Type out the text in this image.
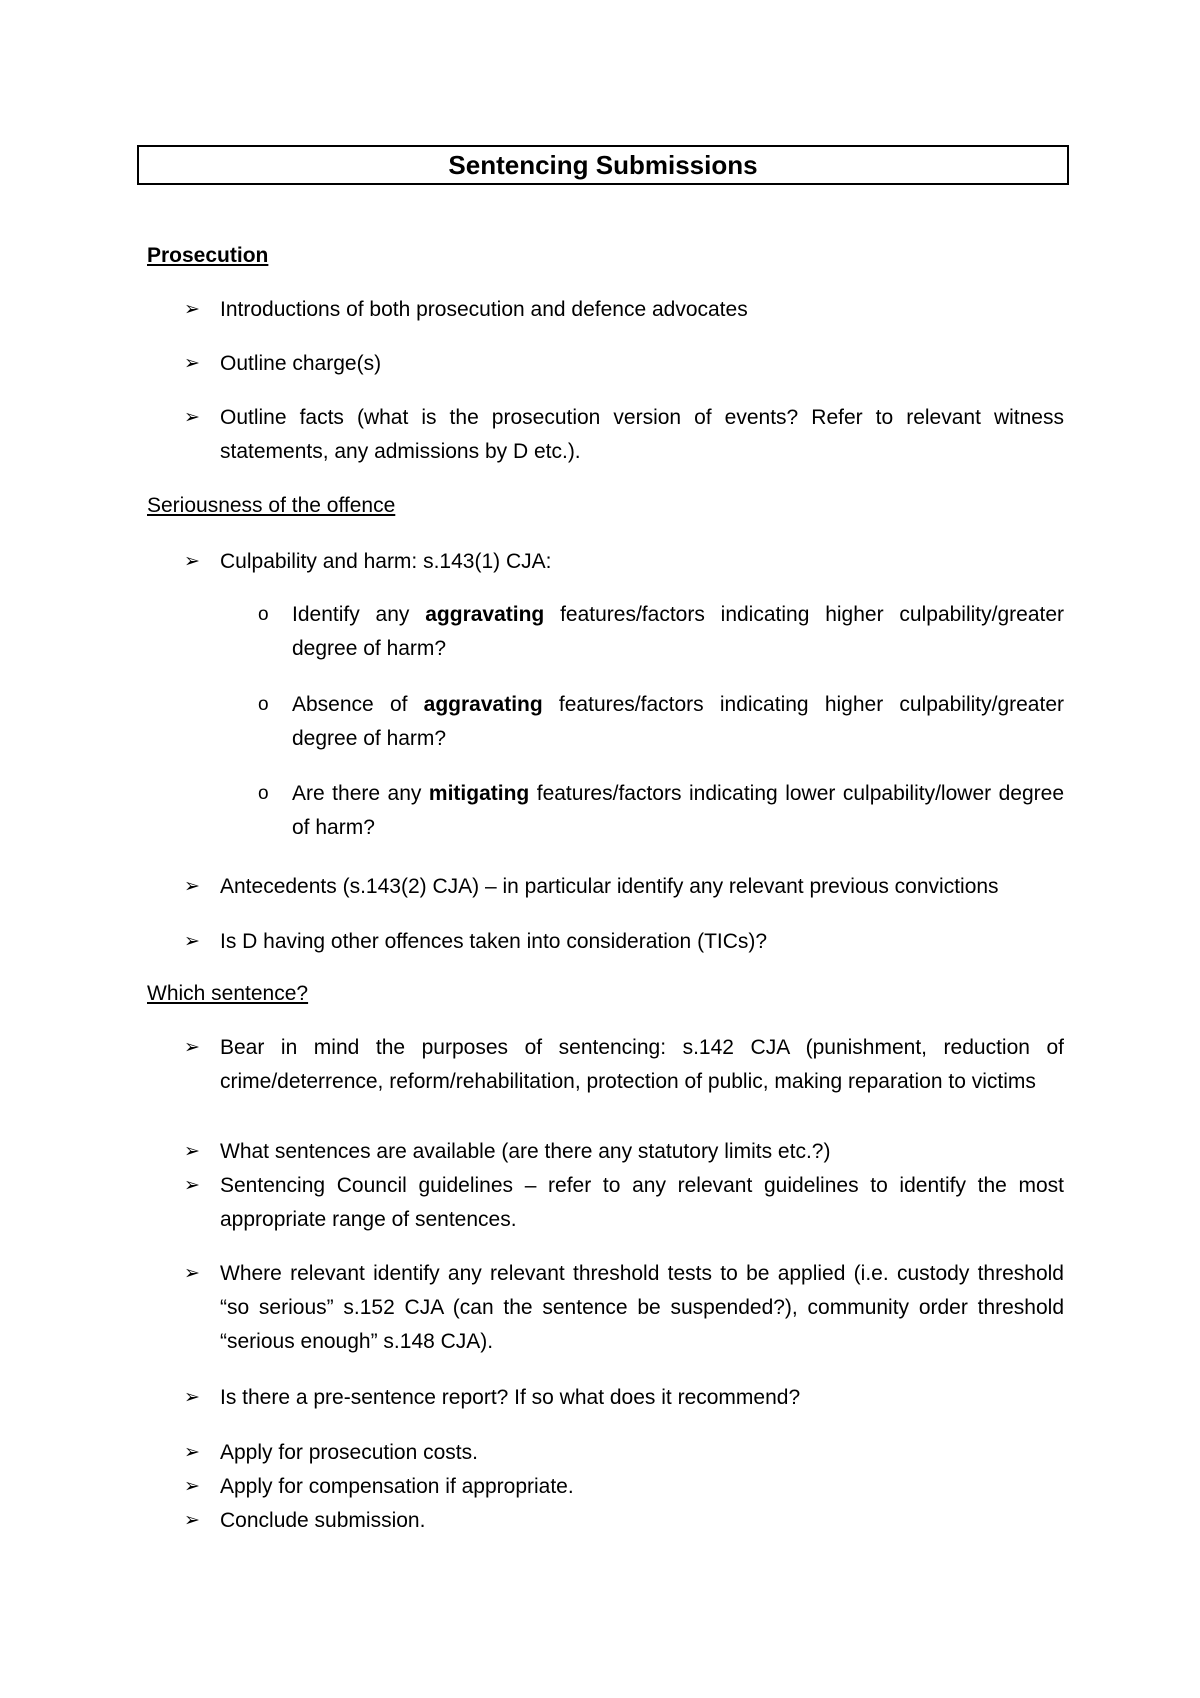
Sentencing Submissions
Prosecution
➢ Introductions of both prosecution and defence advocates
➢ Outline charge(s)
➢ Outline facts (what is the prosecution version of events? Refer to relevant witness statements, any admissions by D etc.).
Seriousness of the offence
➢ Culpability and harm: s.143(1) CJA:
o Identify any aggravating features/factors indicating higher culpability/greater degree of harm?
o Absence of aggravating features/factors indicating higher culpability/greater degree of harm?
o Are there any mitigating features/factors indicating lower culpability/lower degree of harm?
➢ Antecedents (s.143(2) CJA) – in particular identify any relevant previous convictions
➢ Is D having other offences taken into consideration (TICs)?
Which sentence?
➢ Bear in mind the purposes of sentencing: s.142 CJA (punishment, reduction of crime/deterrence, reform/rehabilitation, protection of public, making reparation to victims
➢ What sentences are available (are there any statutory limits etc.?)
➢ Sentencing Council guidelines – refer to any relevant guidelines to identify the most appropriate range of sentences.
➢ Where relevant identify any relevant threshold tests to be applied (i.e. custody threshold “so serious” s.152 CJA (can the sentence be suspended?), community order threshold “serious enough” s.148 CJA).
➢ Is there a pre-sentence report? If so what does it recommend?
➢ Apply for prosecution costs.
➢ Apply for compensation if appropriate.
➢ Conclude submission.
